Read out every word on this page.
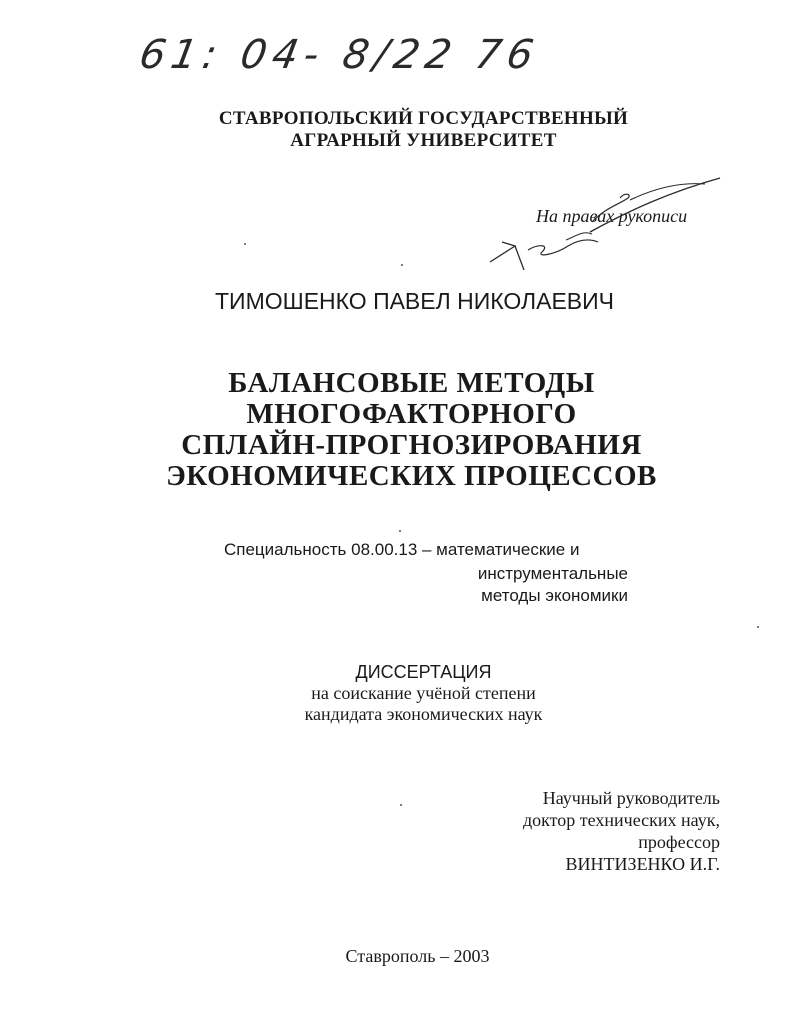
61: 04- 8/22 76
СТАВРОПОЛЬСКИЙ ГОСУДАРСТВЕННЫЙ
АГРАРНЫЙ УНИВЕРСИТЕТ
На правах рукописи
ТИМОШЕНКО ПАВЕЛ НИКОЛАЕВИЧ
БАЛАНСОВЫЕ МЕТОДЫ
МНОГОФАКТОРНОГО
СПЛАЙН-ПРОГНОЗИРОВАНИЯ
ЭКОНОМИЧЕСКИХ ПРОЦЕССОВ
Специальность 08.00.13 – математические и
инструментальные
методы экономики
ДИССЕРТАЦИЯ
на соискание учёной степени
кандидата экономических наук
Научный руководитель
доктор технических наук,
профессор
ВИНТИЗЕНКО И.Г.
Ставрополь – 2003
